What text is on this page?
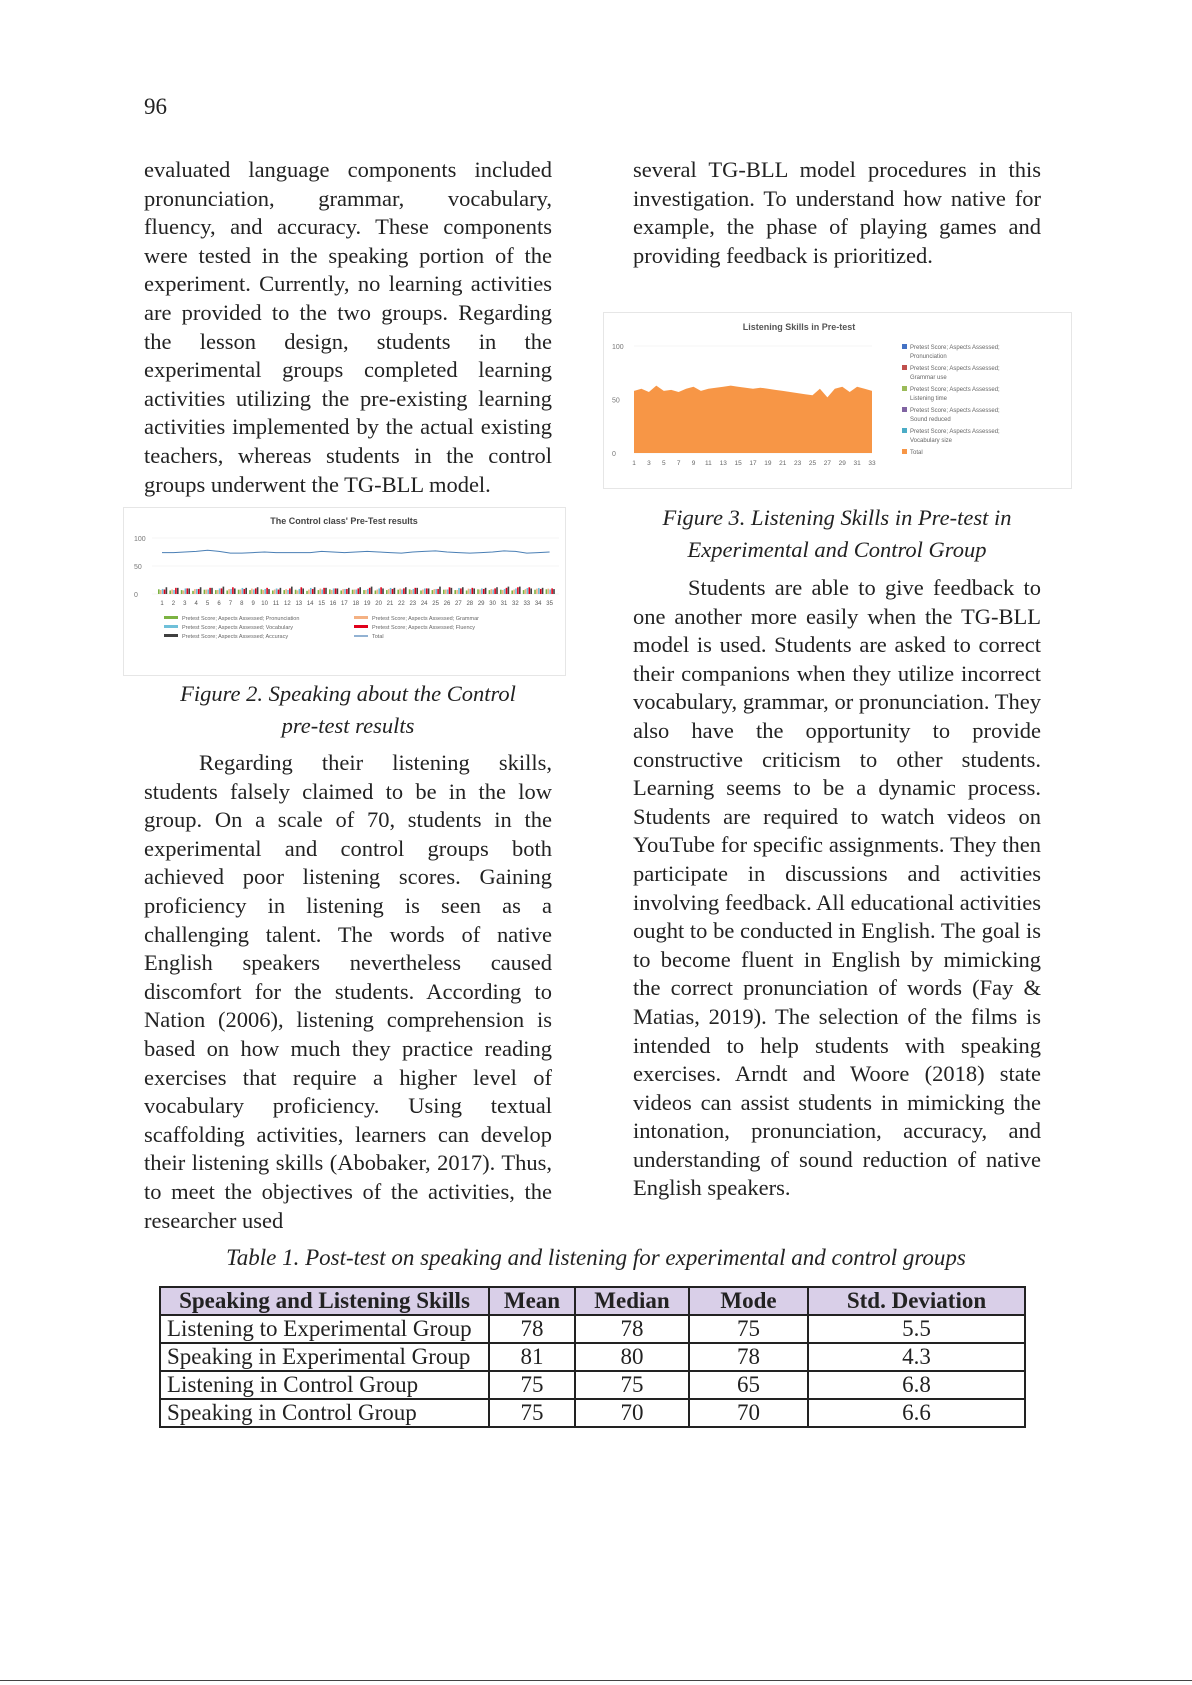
96

evaluated language components included pronunciation, grammar, vocabulary, fluency, and accuracy. These components were tested in the speaking portion of the experiment. Currently, no learning activities are provided to the two groups. Regarding the lesson design, students in the experimental groups completed learning activities utilizing the pre-existing learning activities implemented by the actual existing teachers, whereas students in the control groups underwent the TG-BLL model.

The Control class' Pre-Test results
0
50
100
1 2 3 4 5 6 7 8 9 10 11 12 13 14 15 16 17 18 19 20 21 22 23 24 25 26 27 28 29 30 31 32 33 34 35
Pretest Score; Aspects Assessed; Pronunciation	Pretest Score; Aspects Assessed; Grammar
Pretest Score; Aspects Assessed; Vocabulary	Pretest Score; Aspects Assessed; Fluency
Pretest Score; Aspects Assessed; Accuracy	Total

Figure 2. Speaking about the Control

pre-test results

Regarding their listening skills, students falsely claimed to be in the low group. On a scale of 70, students in the experimental and control groups both achieved poor listening scores. Gaining proficiency in listening is seen as a challenging talent. The words of native English speakers nevertheless caused discomfort for the students. According to Nation (2006), listening comprehension is based on how much they practice reading exercises that require a higher level of vocabulary proficiency. Using textual scaffolding activities, learners can develop their listening skills (Abobaker, 2017). Thus, to meet the objectives of the activities, the researcher used

several TG-BLL model procedures in this investigation. To understand how native for example, the phase of playing games and providing feedback is prioritized.

Listening Skills in Pre-test
0
50
100
1 3 5 7 9 11 13 15 17 19 21 23 25 27 29 31 33
Pretest Score; Aspects Assessed;
Pronunciation
Pretest Score; Aspects Assessed;
Grammar use
Pretest Score; Aspects Assessed;
Listening time
Pretest Score; Aspects Assessed;
Sound reduced
Pretest Score; Aspects Assessed;
Vocabulary size
Total

Figure 3. Listening Skills in Pre-test in

Experimental and Control Group

Students are able to give feedback to one another more easily when the TG-BLL model is used. Students are asked to correct their companions when they utilize incorrect vocabulary, grammar, or pronunciation. They also have the opportunity to provide constructive criticism to other students. Learning seems to be a dynamic process. Students are required to watch videos on YouTube for specific assignments. They then participate in discussions and activities involving feedback. All educational activities ought to be conducted in English. The goal is to become fluent in English by mimicking the correct pronunciation of words (Fay & Matias, 2019). The selection of the films is intended to help students with speaking exercises. Arndt and Woore (2018) state videos can assist students in mimicking the intonation, pronunciation, accuracy, and understanding of sound reduction of native English speakers.

Table 1. Post-test on speaking and listening for experimental and control groups
Speaking and Listening Skills	Mean	Median	Mode	Std. Deviation
Listening to Experimental Group	78	78	75	5.5
Speaking in Experimental Group	81	80	78	4.3
Listening in Control Group	75	75	65	6.8
Speaking in Control Group	75	70	70	6.6
